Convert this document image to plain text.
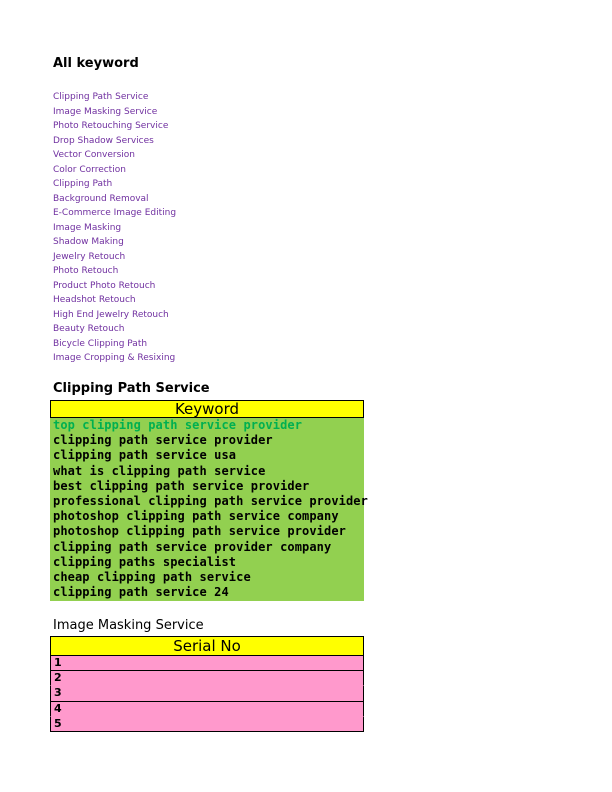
All keyword
Clipping Path Service
Image Masking Service
Photo Retouching Service
Drop Shadow Services
Vector Conversion
Color Correction
Clipping Path
Background Removal
E-Commerce Image Editing
Image Masking
Shadow Making
Jewelry Retouch
Photo Retouch
Product Photo Retouch
Headshot Retouch
High End Jewelry Retouch
Beauty Retouch
Bicycle Clipping Path
Image Cropping & Resixing
Clipping Path Service
Keyword
top clipping path service provider
clipping path service provider
clipping path service usa
what is clipping path service
best clipping path service provider
professional clipping path service provider
photoshop clipping path service company
photoshop clipping path service provider
clipping path service provider company
clipping paths specialist
cheap clipping path service
clipping path service 24
Image Masking Service
Serial No
1
2
3
4
5
